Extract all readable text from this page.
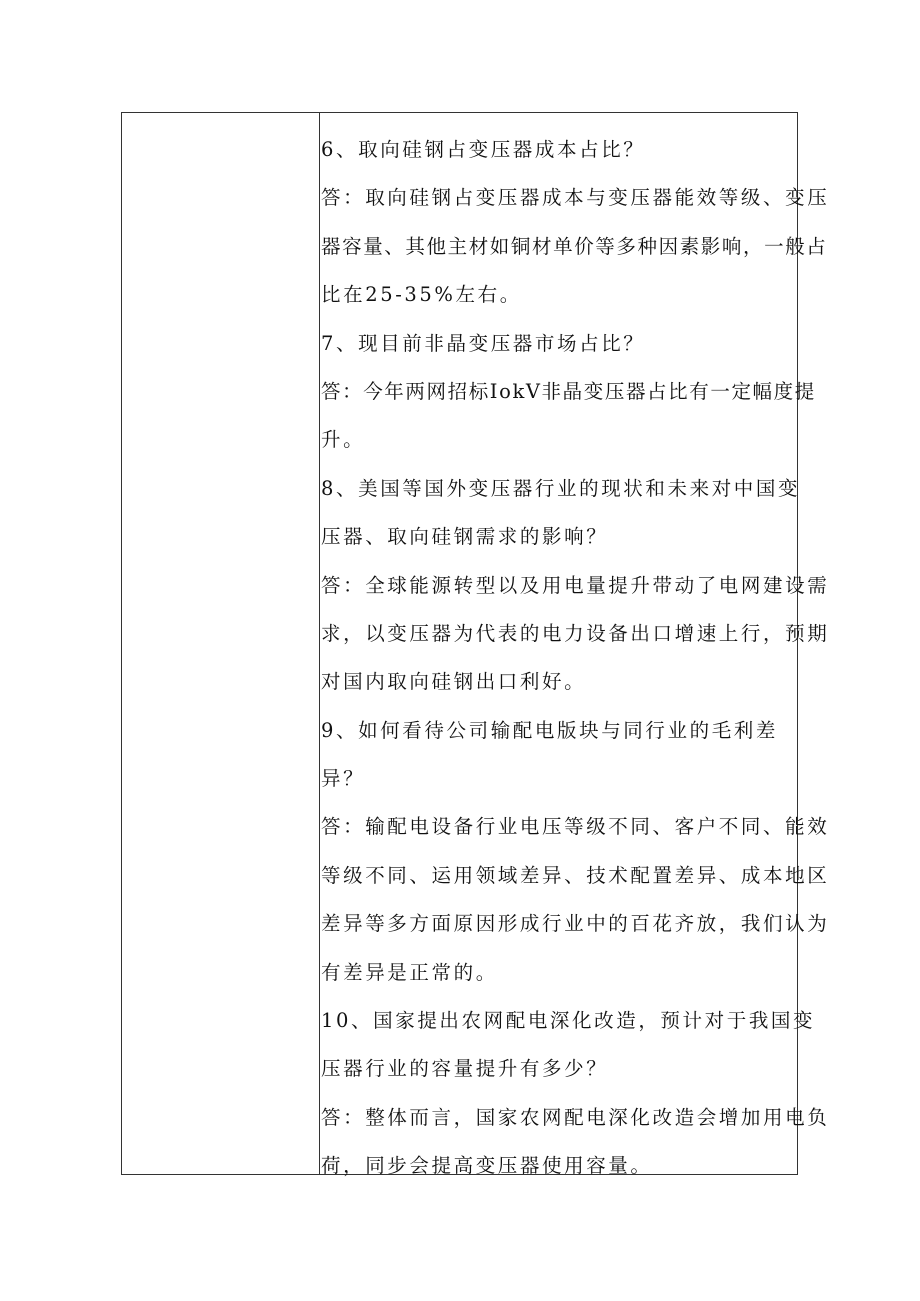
6、取向硅钢占变压器成本占比？
答：取向硅钢占变压器成本与变压器能效等级、变压
器容量、其他主材如铜材单价等多种因素影响，一般占
比在25-35%左右。
7、现目前非晶变压器市场占比？
答：今年两网招标IokV非晶变压器占比有一定幅度提
升。
8、美国等国外变压器行业的现状和未来对中国变
压器、取向硅钢需求的影响？
答：全球能源转型以及用电量提升带动了电网建设需
求，以变压器为代表的电力设备出口增速上行，预期
对国内取向硅钢出口利好。
9、如何看待公司输配电版块与同行业的毛利差
异？
答：输配电设备行业电压等级不同、客户不同、能效
等级不同、运用领域差异、技术配置差异、成本地区
差异等多方面原因形成行业中的百花齐放，我们认为
有差异是正常的。
10、国家提出农网配电深化改造，预计对于我国变
压器行业的容量提升有多少？
答：整体而言，国家农网配电深化改造会增加用电负
荷，同步会提高变压器使用容量。
